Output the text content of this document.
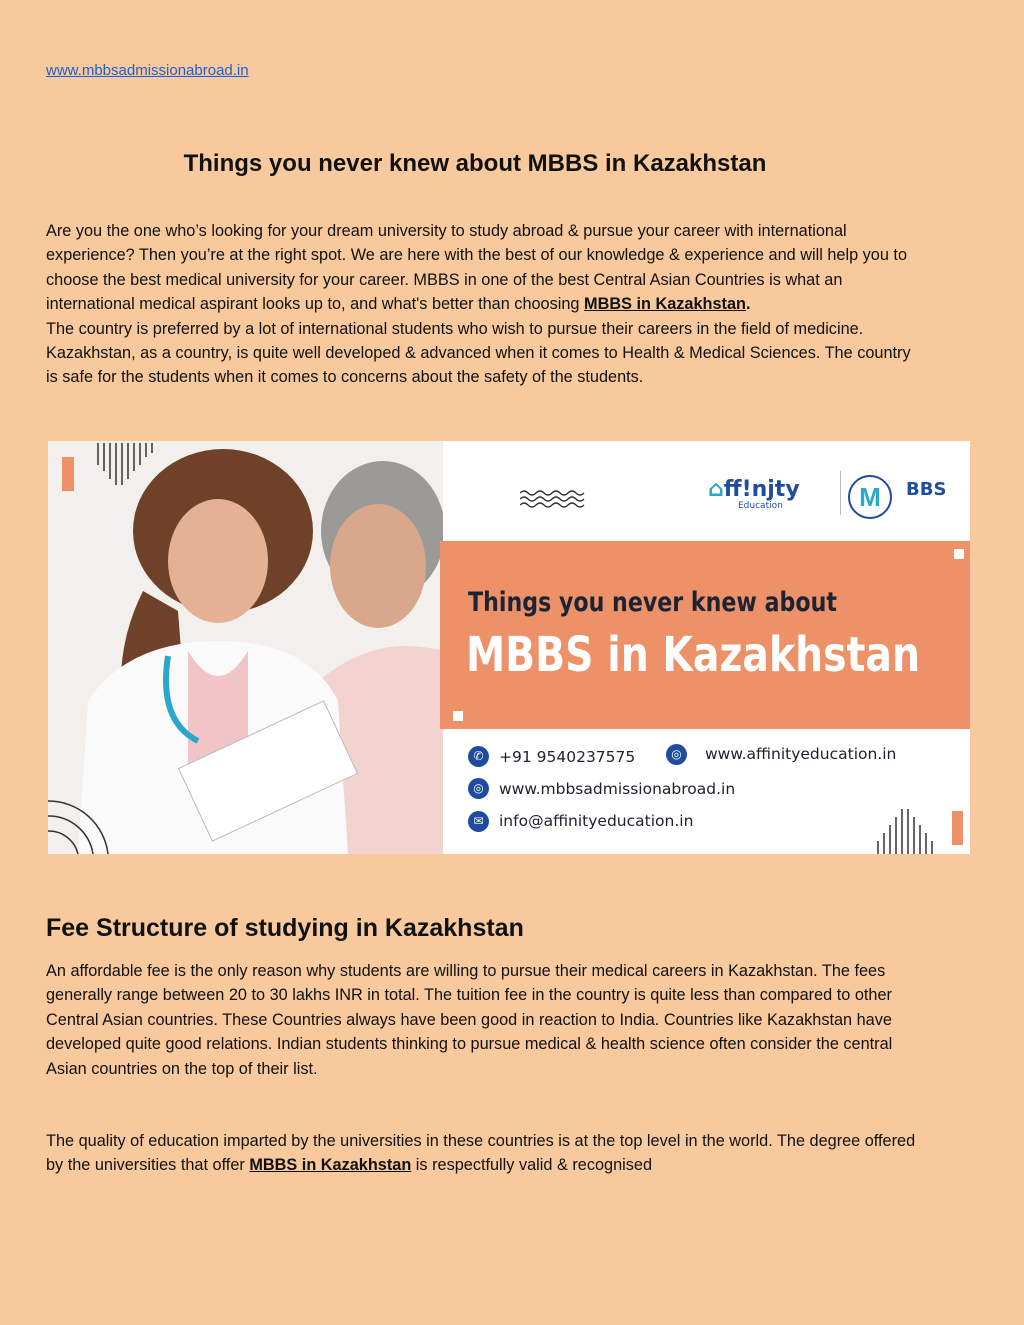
www.mbbsadmissionabroad.in
Things you never knew about MBBS in Kazakhstan

Are you the one who’s looking for your dream university to study abroad & pursue your career with international experience? Then you’re at the right spot. We are here with the best of our knowledge & experience and will help you to choose the best medical university for your career. MBBS in one of the best Central Asian Countries is what an international medical aspirant looks up to, and what's better than choosing MBBS in Kazakhstan.
The country is preferred by a lot of international students who wish to pursue their careers in the field of medicine. Kazakhstan, as a country, is quite well developed & advanced when it comes to Health & Medical Sciences. The country is safe for the students when it comes to concerns about the safety of the students.

⌂ff!njty
Education	M	BBS
Things you never knew about
MBBS in Kazakhstan
✆ +91 9540237575	◎	www.affinityeducation.in
◎ www.mbbsadmissionabroad.in
✉ info@affinityeducation.in
Fee Structure of studying in Kazakhstan

An affordable fee is the only reason why students are willing to pursue their medical careers in Kazakhstan. The fees generally range between 20 to 30 lakhs INR in total. The tuition fee in the country is quite less than compared to other Central Asian countries. These Countries always have been good in reaction to India. Countries like Kazakhstan have developed quite good relations. Indian students thinking to pursue medical & health science often consider the central Asian countries on the top of their list.

The quality of education imparted by the universities in these countries is at the top level in the world. The degree offered by the universities that offer MBBS in Kazakhstan is respectfully valid & recognised
